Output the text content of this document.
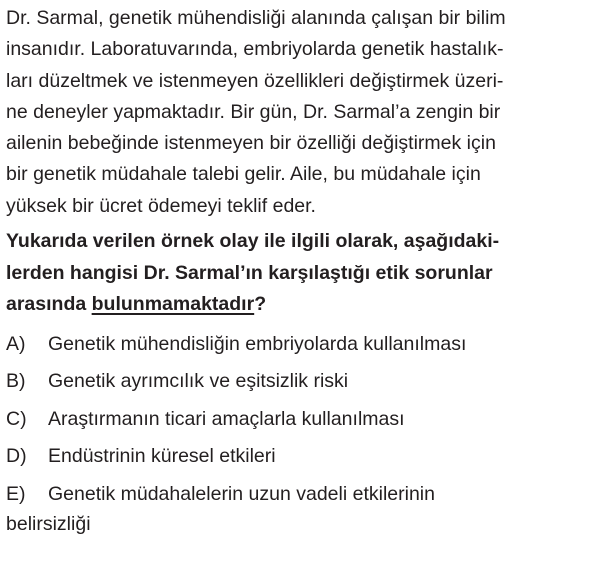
Dr. Sarmal, genetik mühendisliği alanında çalışan bir bilim
insanıdır. Laboratuvarında, embriyolarda genetik hastalık-
ları düzeltmek ve istenmeyen özellikleri değiştirmek üzeri-
ne deneyler yapmaktadır. Bir gün, Dr. Sarmal’a zengin bir
ailenin bebeğinde istenmeyen bir özelliği değiştirmek için
bir genetik müdahale talebi gelir. Aile, bu müdahale için
yüksek bir ücret ödemeyi teklif eder.
Yukarıda verilen örnek olay ile ilgili olarak, aşağıdaki-
lerden hangisi Dr. Sarmal’ın karşılaştığı etik sorunlar
arasında bulunmamaktadır?
A)	Genetik mühendisliğin embriyolarda kullanılması
B)	Genetik ayrımcılık ve eşitsizlik riski
C)	Araştırmanın ticari amaçlarla kullanılması
D)	Endüstrinin küresel etkileri
E)	Genetik müdahalelerin uzun vadeli etkilerinin
belirsizliği
